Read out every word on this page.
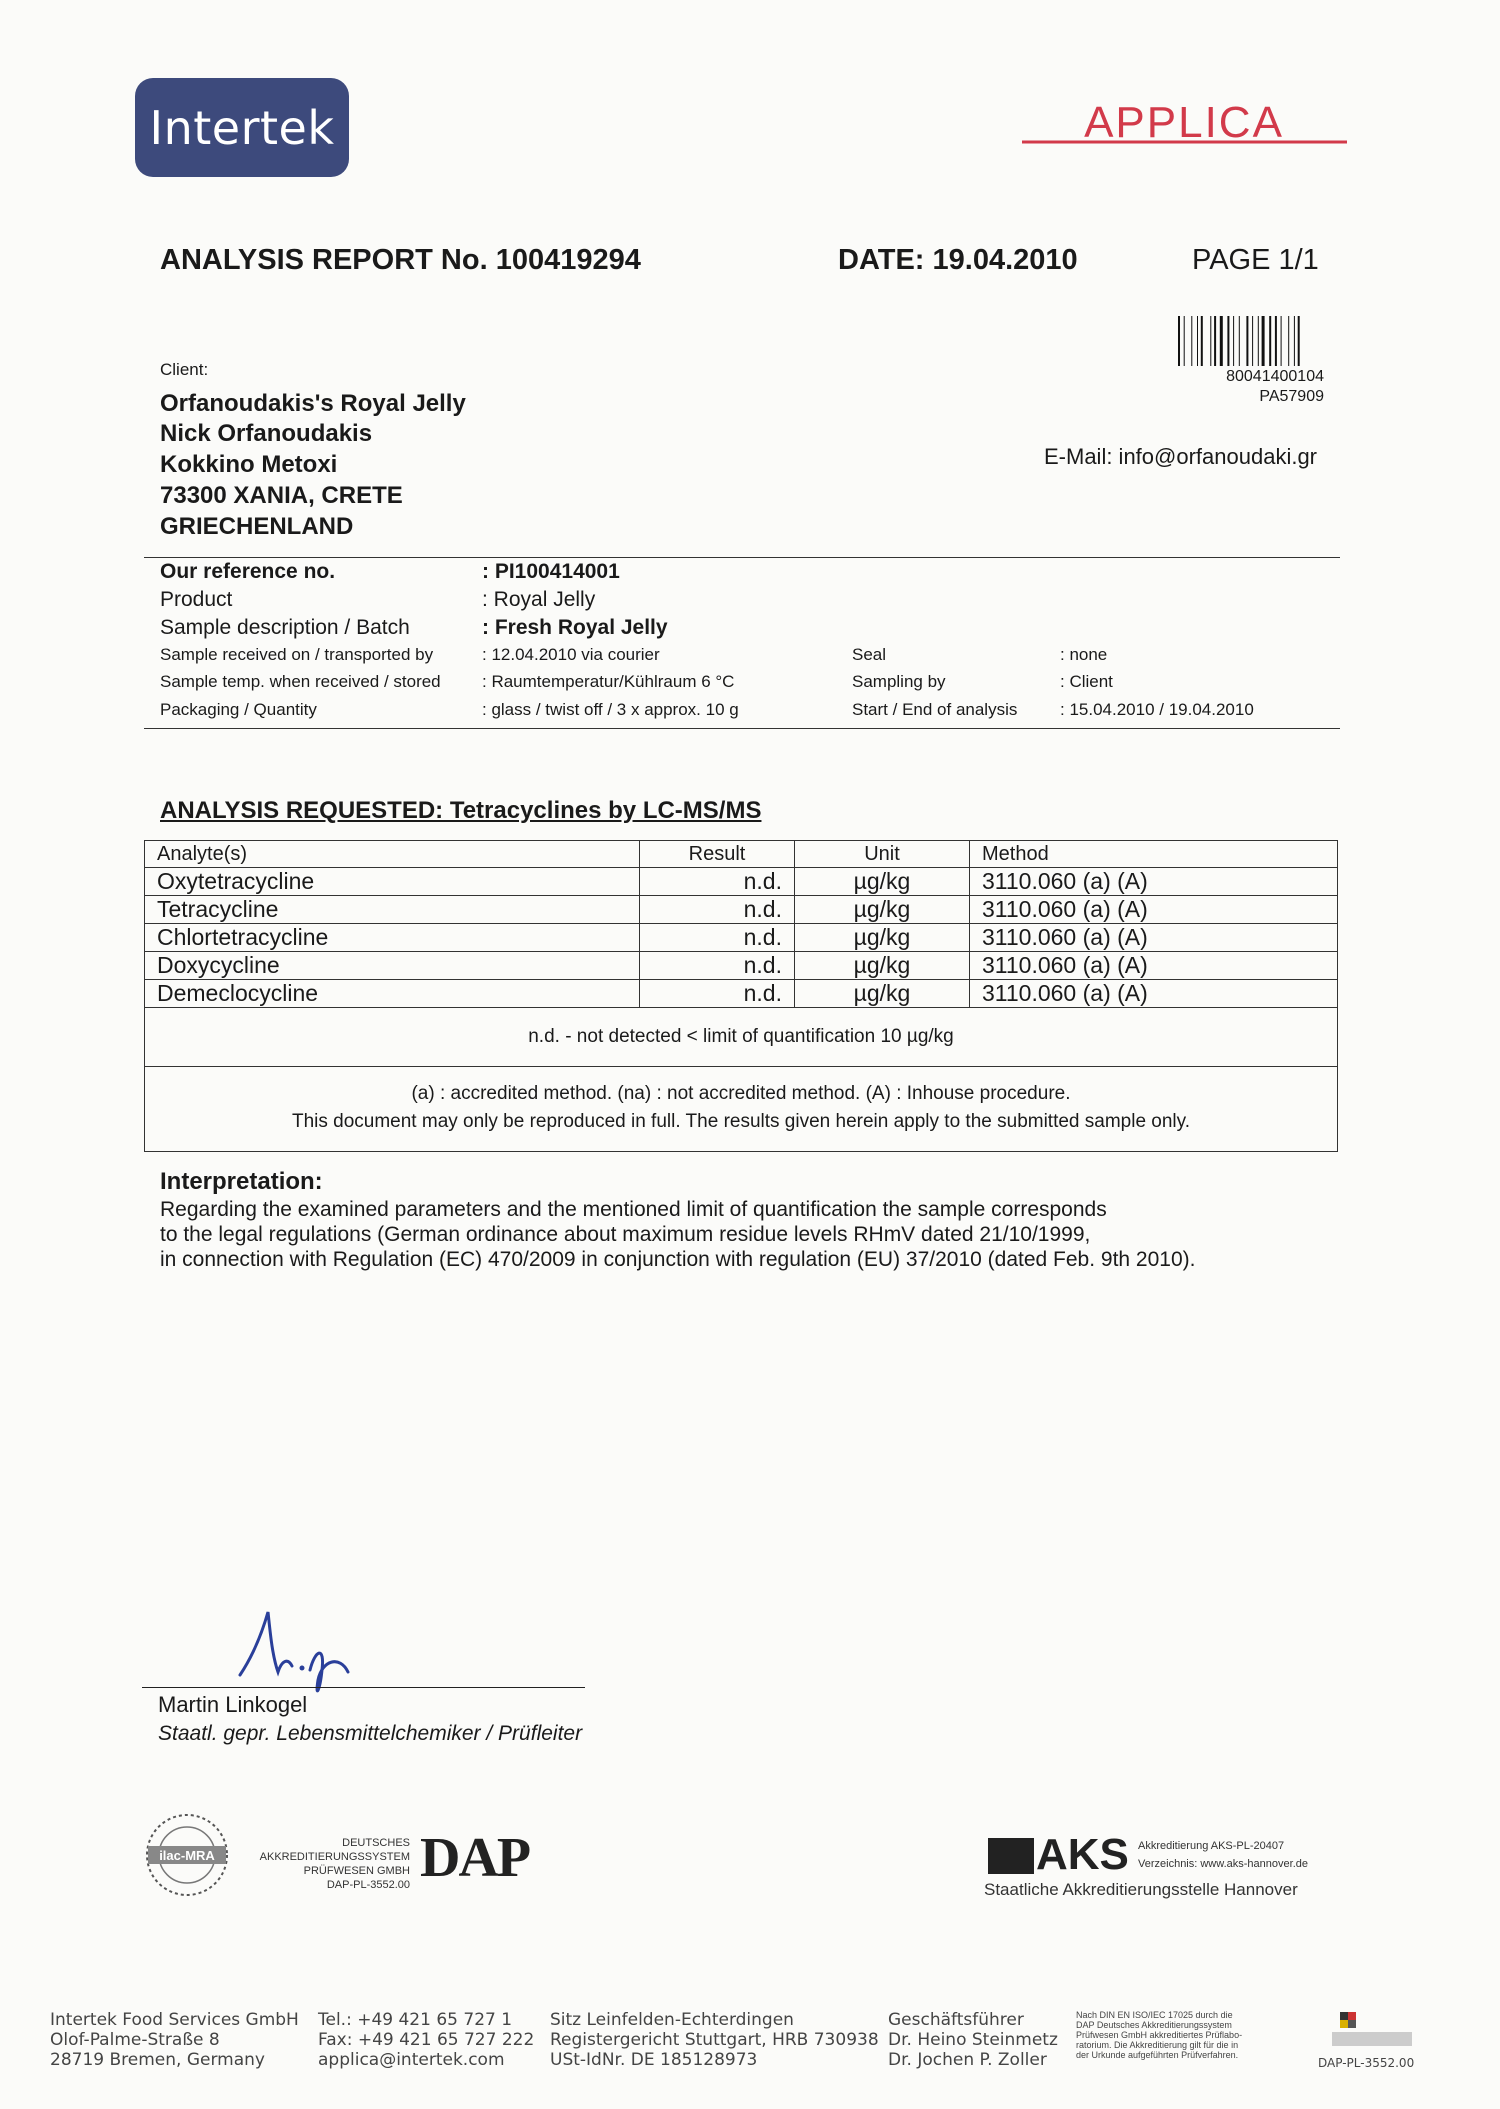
Intertek	APPLICA
ANALYSIS REPORT No. 100419294	DATE: 19.04.2010	PAGE 1/1
80041400104
PA57909
Client:
Orfanoudakis's Royal Jelly
Nick Orfanoudakis
Kokkino Metoxi
73300 XANIA, CRETE
GRIECHENLAND
E-Mail: info@orfanoudaki.gr
Our reference no.	: PI100414001
Product	: Royal Jelly
Sample description / Batch	: Fresh Royal Jelly
Sample received on / transported by	: 12.04.2010 via courier
Sample temp. when received / stored : Raumtemperatur/Kühlraum 6 °C
Packaging / Quantity	: glass / twist off / 3 x approx. 10 g
Seal	: none
Sampling by	: Client
Start / End of analysis	: 15.04.2010 / 19.04.2010
ANALYSIS REQUESTED: Tetracyclines by LC-MS/MS
Analyte(s)	Result	Unit	Method
Oxytetracycline	n.d.	µg/kg	3110.060 (a) (A)
Tetracycline	n.d.	µg/kg	3110.060 (a) (A)
Chlortetracycline	n.d.	µg/kg	3110.060 (a) (A)
Doxycycline	n.d.	µg/kg	3110.060 (a) (A)
Demeclocycline	n.d.	µg/kg	3110.060 (a) (A)
n.d. - not detected < limit of quantification 10 µg/kg
(a) : accredited method. (na) : not accredited method. (A) : Inhouse procedure.
This document may only be reproduced in full. The results given herein apply to the submitted sample only.
Interpretation:
Regarding the examined parameters and the mentioned limit of quantification the sample corresponds
to the legal regulations (German ordinance about maximum residue levels RHmV dated 21/10/1999,
in connection with Regulation (EC) 470/2009 in conjunction with regulation (EU) 37/2010 (dated Feb. 9th 2010).
Martin Linkogel
Staatl. gepr. Lebensmittelchemiker / Prüfleiter
ilac-MRA
DEUTSCHES
AKKREDITIERUNGSSYSTEM
PRÜFWESEN GMBH
DAP-PL-3552.00 DAP	AKS Akkreditierung AKS-PL-20407
Verzeichnis: www.aks-hannover.de
Staatliche Akkreditierungsstelle Hannover
Intertek Food Services GmbH
Olof-Palme-Straße 8
28719 Bremen, Germany
Tel.: +49 421 65 727 1
Fax: +49 421 65 727 222
applica@intertek.com
Sitz Leinfelden-Echterdingen
Registergericht Stuttgart, HRB 730938
USt-IdNr. DE 185128973
Geschäftsführer
Dr. Heino Steinmetz
Dr. Jochen P. Zoller
Nach DIN EN ISO/IEC 17025 durch die
DAP Deutsches Akkreditierungssystem
Prüfwesen GmbH akkreditiertes Prüflabo-
ratorium. Die Akkreditierung gilt für die in
der Urkunde aufgeführten Prüfverfahren.
DAP-PL-3552.00
